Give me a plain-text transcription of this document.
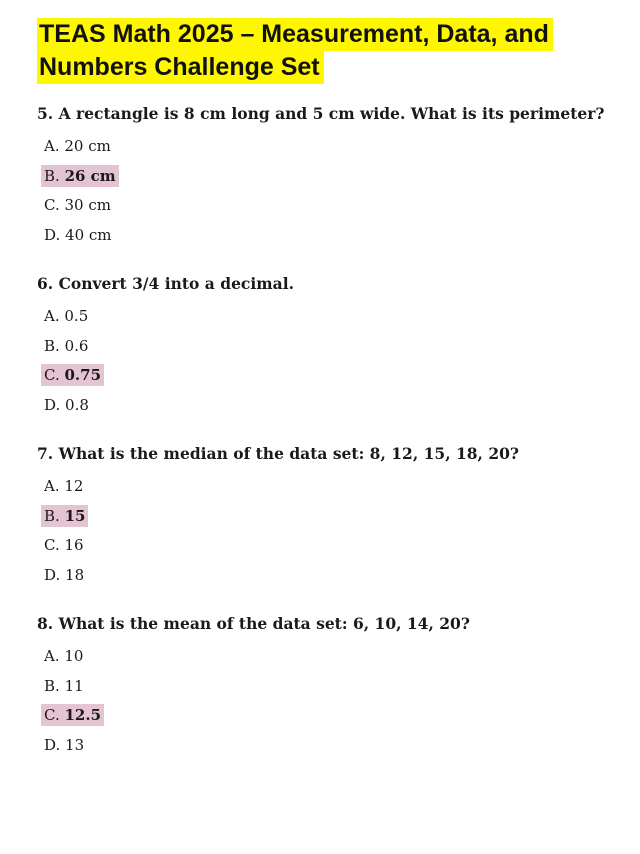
TEAS Math 2025 – Measurement, Data, and
Numbers Challenge Set
5. A rectangle is 8 cm long and 5 cm wide. What is its perimeter?
A. 20 cm
B. 26 cm
C. 30 cm
D. 40 cm
6. Convert 3/4 into a decimal.
A. 0.5
B. 0.6
C. 0.75
D. 0.8
7. What is the median of the data set: 8, 12, 15, 18, 20?
A. 12
B. 15
C. 16
D. 18
8. What is the mean of the data set: 6, 10, 14, 20?
A. 10
B. 11
C. 12.5
D. 13
